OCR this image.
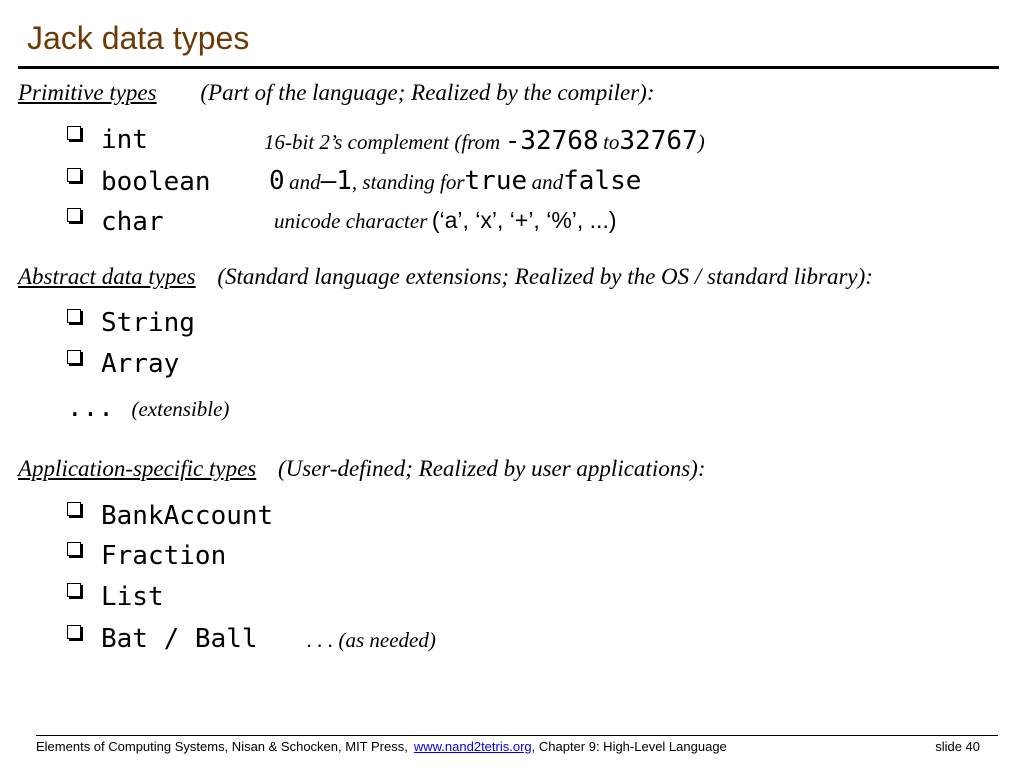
Jack data types
Primitive types (Part of the language; Realized by the compiler):
int	16-bit 2’s complement (from -32768 to32767)
boolean 0 and–1, standing fortrue andfalse
char	unicode character (‘a’, ‘x’, ‘+’, ‘%’, ...)
Abstract data types (Standard language extensions; Realized by the OS / standard library):
String
Array
... (extensible)
Application-specific types (User-defined; Realized by user applications):
BankAccount
Fraction
List
Bat / Ball . . . (as needed)
Elements of Computing Systems, Nisan & Schocken, MIT Press, www.nand2tetris.org, Chapter 9: High-Level Language	slide 40
